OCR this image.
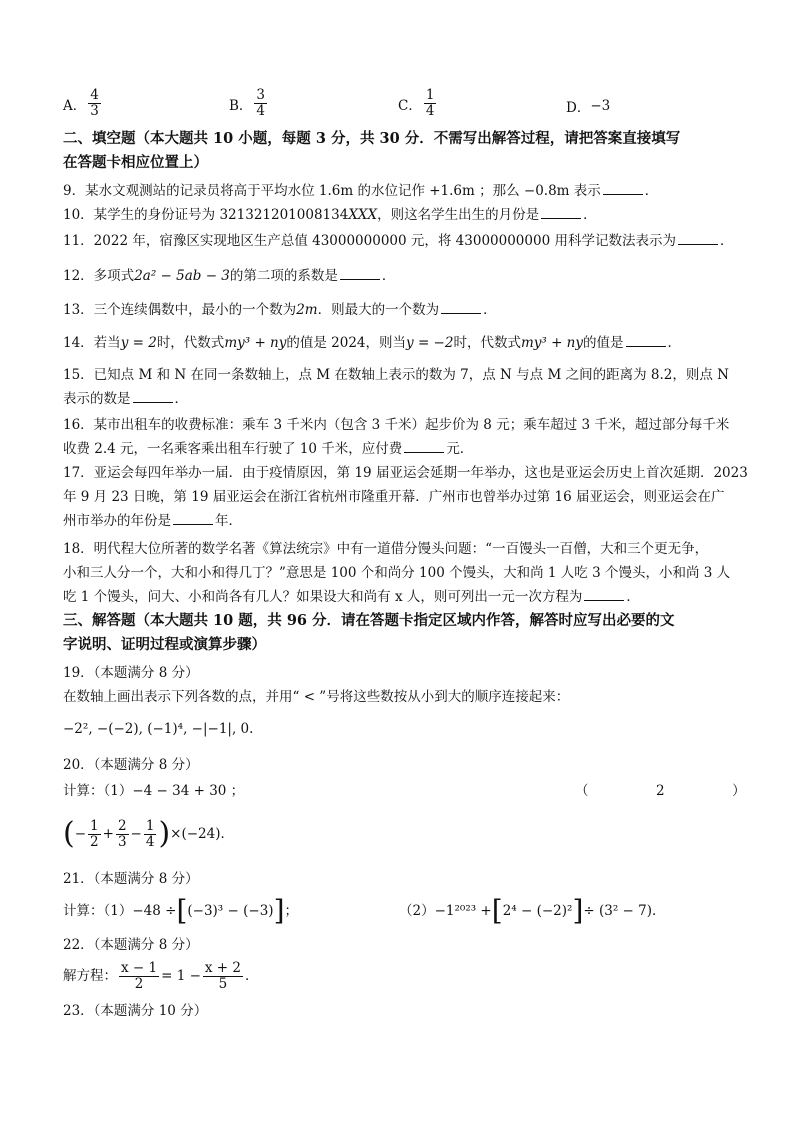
A． $\frac{4}{3}$	B． $\frac{3}{4}$	C． $\frac{1}{4}$	D． −3
二、填空题（本大题共 10 小题，每题 3 分，共 30 分．不需写出解答过程，请把答案直接填写
在答题卡相应位置上）
9．某水文观测站的记录员将高于平均水位 1.6m 的水位记作 +1.6m ；那么 −0.8m 表示	．
10．某学生的身份证号为 321321201008134XXX，则这名学生出生的月份是	．
11．2022 年，宿豫区实现地区生产总值 43000000000 元，将 43000000000 用科学记数法表示为	．
12．多项式2a² − 5ab − 3的第二项的系数是	．
13．三个连续偶数中，最小的一个数为2m．则最大的一个数为	．
14．若当y = 2时，代数式my³ + ny的值是 2024，则当y = −2时，代数式my³ + ny的值是	．
15．已知点 M 和 N 在同一条数轴上，点 M 在数轴上表示的数为 7，点 N 与点 M 之间的距离为 8.2，则点 N
表示的数是	．
16．某市出租车的收费标准：乘车 3 千米内（包含 3 千米）起步价为 8 元；乘车超过 3 千米，超过部分每千米
收费 2.4 元，一名乘客乘出租车行驶了 10 千米，应付费	元．
17．亚运会每四年举办一届．由于疫情原因，第 19 届亚运会延期一年举办，这也是亚运会历史上首次延期．2023
年 9 月 23 日晚，第 19 届亚运会在浙江省杭州市隆重开幕．广州市也曾举办过第 16 届亚运会，则亚运会在广
州市举办的年份是	年．
18．明代程大位所著的数学名著《算法统宗》中有一道借分馒头问题：“一百馒头一百僧，大和三个更无争，
小和三人分一个，大和小和得几丁？”意思是 100 个和尚分 100 个馒头，大和尚 1 人吃 3 个馒头，小和尚 3 人
吃 1 个馒头，问大、小和尚各有几人？如果设大和尚有 x 人，则可列出一元一次方程为	．
三、解答题（本大题共 10 题，共 96 分．请在答题卡指定区域内作答，解答时应写出必要的文
字说明、证明过程或演算步骤）
19．（本题满分 8 分）
在数轴上画出表示下列各数的点，并用“ < ”号将这些数按从小到大的顺序连接起来：
−2², −(−2), (−1)⁴, −|−1|, 0.
20．（本题满分 8 分）
计算：（1）−4 − 34 + 30 ；	（　　　　　2　　　　　）
( − $\frac{1}{2} + \frac{2}{3} - \frac{1}{4}$ ) ×(−24)．
21．（本题满分 8 分）
计算：（1）−48 ÷ [ (−3)³ − (−3) ] ；	（2）−1²⁰²³ + [ 2⁴ − (−2)² ] ÷ (3² − 7)．
22．（本题满分 8 分）
解方程： $\frac{x - 1}{2} = 1 - \frac{x + 2}{5}$ ．
23．（本题满分 10 分）
